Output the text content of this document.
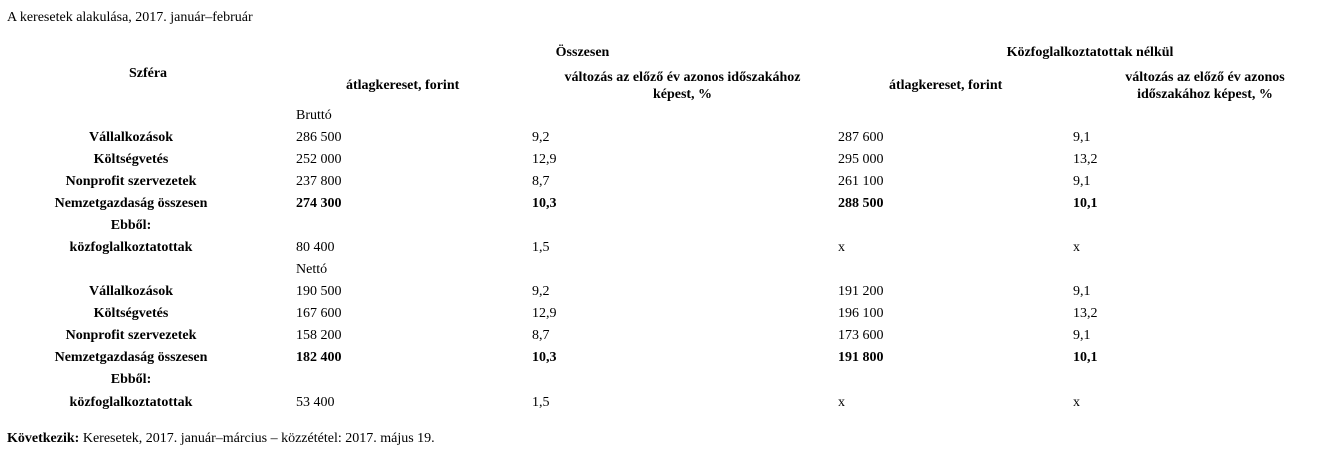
A keresetek alakulása, 2017. január–február
Szféra
Összesen	Közfoglalkoztatottak nélkül
átlagkereset, forint
változás az előző év azonos időszakához
képest, %
átlagkereset, forint
változás az előző év azonos
időszakához képest, %
Bruttó
Vállalkozások	286 500	9,2	287 600	9,1
Költségvetés	252 000	12,9	295 000	13,2
Nonprofit szervezetek	237 800	8,7	261 100	9,1
Nemzetgazdaság összesen	274 300	10,3	288 500	10,1
Ebből:
közfoglalkoztatottak	80 400	1,5	x	x
Nettó
Vállalkozások	190 500	9,2	191 200	9,1
Költségvetés	167 600	12,9	196 100	13,2
Nonprofit szervezetek	158 200	8,7	173 600	9,1
Nemzetgazdaság összesen	182 400	10,3	191 800	10,1
Ebből:
közfoglalkoztatottak	53 400	1,5	x	x
Következik: Keresetek, 2017. január–március – közzététel: 2017. május 19.
